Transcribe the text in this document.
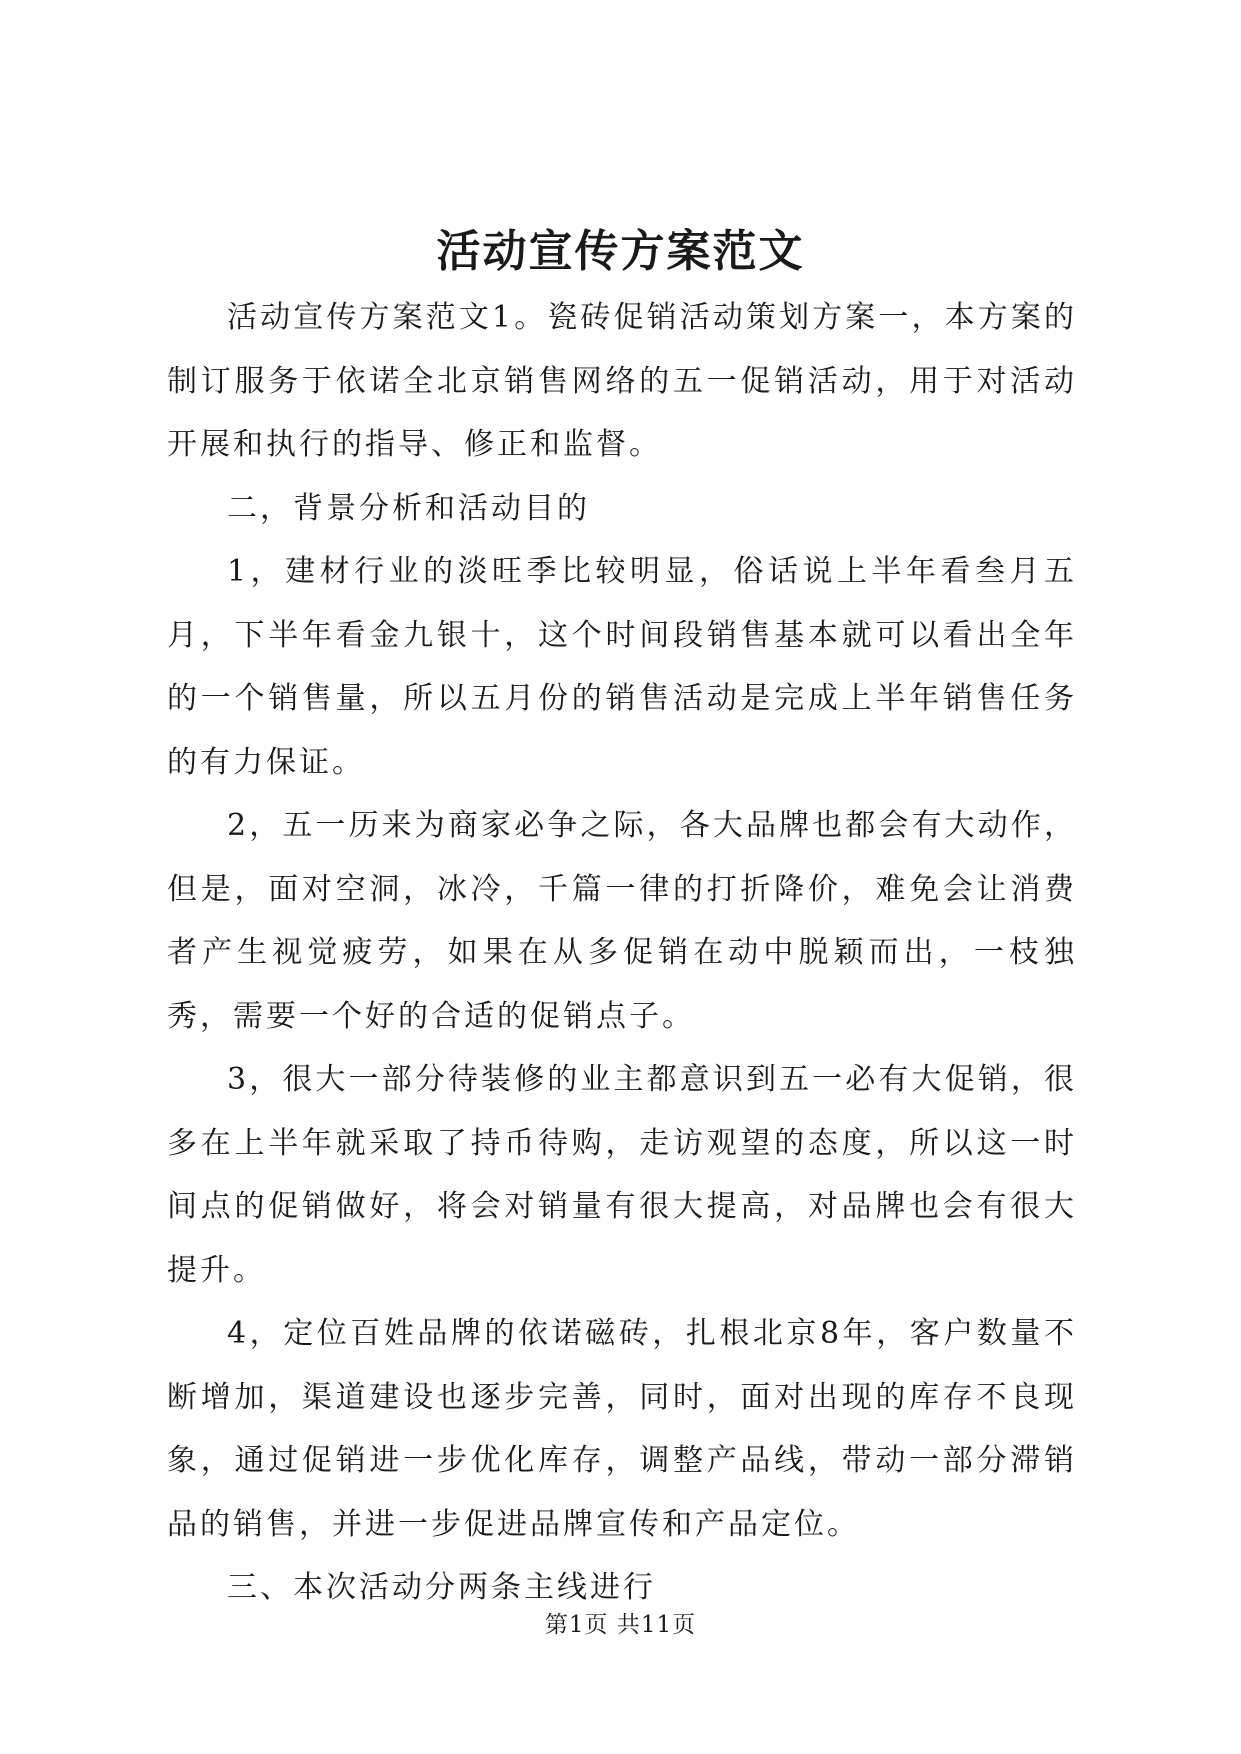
活动宣传方案范文

活动宣传方案范文1。瓷砖促销活动策划方案一，本方案的制订服务于依诺全北京销售网络的五一促销活动，用于对活动开展和执行的指导、修正和监督。

二，背景分析和活动目的

1，建材行业的淡旺季比较明显，俗话说上半年看叁月五月，下半年看金九银十，这个时间段销售基本就可以看出全年的一个销售量，所以五月份的销售活动是完成上半年销售任务的有力保证。

2，五一历来为商家必争之际，各大品牌也都会有大动作，但是，面对空洞，冰冷，千篇一律的打折降价，难免会让消费者产生视觉疲劳，如果在从多促销在动中脱颖而出，一枝独秀，需要一个好的合适的促销点子。

3，很大一部分待装修的业主都意识到五一必有大促销，很多在上半年就采取了持币待购，走访观望的态度，所以这一时间点的促销做好，将会对销量有很大提高，对品牌也会有很大提升。

4，定位百姓品牌的依诺磁砖，扎根北京8年，客户数量不断增加，渠道建设也逐步完善，同时，面对出现的库存不良现象，通过促销进一步优化库存，调整产品线，带动一部分滞销品的销售，并进一步促进品牌宣传和产品定位。

三、本次活动分两条主线进行

第1页 共11页
